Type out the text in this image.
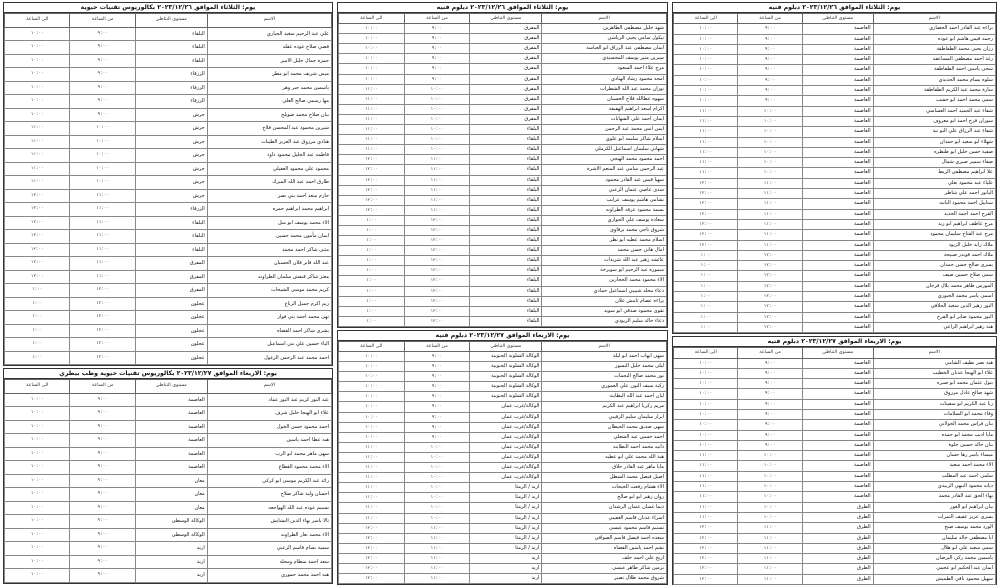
يوم: الثلاثاء الموافق ٢٠٢٣/١٢/٢٦ بكالوريوس تقنيات حيوية
الاسم	مستوى التناظي	من الساعة	الى الساعة
علي عبد الرحيم سعيد الجباري	البلقاء	٩:٠٠	١٠:٠٠
قصي صلاح عوده عقله	البلقاء	٩:٠٠	١٠:٠٠
حمزه جمال خليل الامير	البلقاء	٩:٠٠	١٠:٠٠
ميس شريف محمد ابو مطر	الزرقاء	٩:٠٠	١٠:٠٠
ياسمين محمد جبر وهر	الزرقاء	٩:٠٠	١٠:٠٠
مها رسمي صالح العلي	الزرقاء	٩:٠٠	١٠:٠٠
بيان صلاح محمد صويلح	جرش	٩:٠٠	١٠:٠٠
شيرين محمود عبد المحسن قلاح	جرش	١٠:٠٠	١١:٠٠
هنادي مرزوق عبد العزيز الطيبات	جرش	١٠:٠٠	١١:٠٠
فاطمه عبد الجليل محمود داود	جرش	١٠:٠٠	١١:٠٠
محمود علي محمود العقيلي	جرش	١٠:٠٠	١١:٠٠
طارق احمد عبد الله المبرك	جرش	١٠:٠٠	١١:٠٠
حازم سعد احمد بني نصر	جرش	١١:٠٠	١٢:٠٠
ابراهيم محمد ابراهيم حمزه	الزرقاء	١١:٠٠	١٢:٠٠
الاء محمد يوسف ابو سل	البلقاء	١١:٠٠	١٢:٠٠
ايمان مأمون محمد حسين	البلقاء	١١:٠٠	١٢:٠٠
مثنى شاكر احمد محمد	البلقاء	١١:٠٠	١٢:٠٠
عبد الله فايز قلان الحسبان	المفرق	١١:٠٠	١٢:٠٠
معتز شاكر قيفش سلمان الطراونه	المفرق	١١:٠٠	١٢:٠٠
كريم محمد موسى الشيخات	المفرق	١٢:٠٠	١:٠٠
ريم اكرم جميل الرباع	عجلون	١٢:٠٠	١:٠٠
تهى محمد احمد بني فواز	عجلون	١٢:٠٠	١:٠٠
يشرى شاكر احمد القضاه	عجلون	١٢:٠٠	١:٠٠
الياء حسين علي بني اسماعيل	عجلون	١٢:٠٠	١:٠٠
احمد محمد عبد الرحمن الزغول	عجلون	١٢:٠٠	١:٠٠
يوم: الاربعاء الموافق ٢٠٢٣/١٢/٢٧ بكالوريوس تقنيات حيوية وطب بيطري
الاسم	مستوى التناظي	من الساعة	الى الساعة
عبد النور كريم عبد النور عماد	العاصمة	٩:٠٠	١٠:٠٠
علاء ابو الهيجا خليل شرف	العاصمة	٩:٠٠	١٠:٠٠
احمد محمود حسن الخول	العاصمة	٩:٠٠	١٠:٠٠
هبه عطا احمد ياسين	العاصمة	٩:٠٠	١٠:٠٠
سهى ماهر محمد ابو الرب	العاصمة	٩:٠٠	١٠:٠٠
الاء محمد محمود القطاع	العاصمة	٩:٠٠	١٠:٠٠
رائد عبد الكريم موسى ابو كركي	معان	٩:٠٠	١٠:٠٠
احسان وليد شاكر صلاح	معان	٩:٠٠	١٠:٠٠
تسنيم عوده عبد الله الهواجعه	معان	٩:٠٠	١٠:٠٠
تالا ياسر بهاء الدين البشايش	الوكالة الوسطى	٩:٠٠	١٠:٠٠
الاء محمد بعار الطراونه	الوكالة الوسطى	٩:٠٠	١٠:٠٠
سمية بسام قاسم الزعبي	اربد	٩:٠٠	١٠:٠٠
سعد احمد سطام ومحله	اربد	٩:٠٠	١٠:٠٠
هبه احمد محمد حموري	اربد	٩:٠٠	١٠:٠٠
يوم: الثلاثاء الموافق ٢٠٢٣/١٢/٢٦ دبلوم فنيه
الاسم	مستوى التناظي	من الساعة	الى الساعة
شهد خليل مصطفى الطاهرين	المفرق	٩:٠٠	١٠:٠٠
نيكول سامي يحيى الرياشي	المفرق	٩:٠٠	١٠:٠٠
ايمان مصطفى عبد الرزاق ابو العباسة	المفرق	٩:٠٠	١٠:٠٠
سيرين منير يوسف المحسيدي	المفرق	٩:٠٠	١٠:٠٠
مرح علاء احمد السعود	المفرق	٩:٠٠	١٠:٠٠
امجد محمود رشاد الهنادي	المفرق	٩:٠٠	١٠:٠٠
نوران محمد عبد الله الشطرات	المفرق	١٠:٠٠	١١:٠٠
سهوه عطالله فلاح الحسبان	المفرق	١٠:٠٠	١١:٠٠
اكرام اسعد ابراهيم الهقيقة	المفرق	١٠:٠٠	١١:٠٠
ايمان احمد علي الشهابات	المفرق	١٠:٠٠	١١:٠٠
ايمن انس محمد عبد الرحمن	البلقاء	١٠:٠٠	١١:٠٠
اسلام شاكر سليمه ابو علوي	البلقاء	١٠:٠٠	١١:٠٠
شهاني سليمان اسماعيل الكرملي	البلقاء	١٠:٠٠	١١:٠٠
احمد محمود محمد الهيجي	البلقاء	١١:٠٠	١٢:٠٠
عبد الرحمن سامي عبد المنعم الاشرة	البلقاء	١١:٠٠	١٢:٠٠
سهيا قيس عبد القادر محمود	البلقاء	١١:٠٠	١٢:٠٠
شذى عاصي عثمان الزعبي	البلقاء	١١:٠٠	١٢:٠٠
نشامى هاشم يوسف عرايب	البلقاء	١١:٠٠	١٢:٠٠
بسمة محمود عرفه الطراونه	البلقاء	١١:٠٠	١٢:٠٠
سعاده يوسف علي الحواري	البلقاء	١٢:٠٠	١:٠٠
شروق ناجي محمد برقاوي	البلقاء	١٢:٠٠	١:٠٠
اسلام محمد عطيه ابو نظر	البلقاء	١٢:٠٠	١:٠٠
امال هاني حسن محمد	البلقاء	١٢:٠٠	١:٠٠
عائشه زهير عبد الله شريدات	البلقاء	١٢:٠٠	١:٠٠
سموره عبد الرحيم ابو سويرحة	البلقاء	١٢:٠٠	١:٠٠
الاء محمود محمد الحجازين	البلقاء	١٢:٠٠	١:٠٠
دعاء مخلد شبيبي اسماعيل حمادي	البلقاء	١٢:٠٠	١:٠٠
براءه عصام ثامش علان	البلقاء	١٢:٠٠	١:٠٠
تقوى محمود صدقي ابو سويد	البلقاء	١٢:٠٠	١:٠٠
دعاء خالد سليم الزيودي	البلقاء	١٢:٠٠	١:٠٠
يوم: الاربعاء الموافق ٢٠٢٣/١٢/٢٧ دبلوم فنيه
الاسم	مستوى التناظي	من الساعة	الى الساعة
سهى ايهاب احمد ابو ليلة	الوكالة الشلونة الجنوبية	٩:٠٠	١٠:٠٠
ليلى محمد خليل النسور	الوكالة الشلونة الجنوبية	٩:٠٠	١٠:٠٠
نور محمد صالح النجمات	الوكالة الشلونة الجنوبية	٩:٠٠	١٠:٠٠
زكية سيف النون علي العموري	الوكالة الشلونة الجنوبية	٩:٠٠	١٠:٠٠
ليان احمد عبد الله البطاينه	الوكالة الشلونة الجنوبية	٩:٠٠	١٠:٠٠
مريم زكريا ابراهيم عبد الكريم	الوكالة/غرب عمان	٩:٠٠	١٠:٠٠
ابرار سليمان سليم الرقيبي	الوكالة/غرب عمان	٩:٠٠	١٠:٠٠
سهى صديق محمد الجيطان	الوكالة/غرب عمان	٩:٠٠	١٠:٠٠
احمد حسين عبد الشعلي	الوكالة/غرب عمان	٩:٠٠	١٠:٠٠
دانيه محمد احمد البطاينه	الوكالة/غرب عمان	١٠:٠٠	١١:٠٠
هبة الله محمد علي ابو عطيه	الوكالة/غرب عمان	١٠:٠٠	١١:٠٠
مايا ماهر عبد القادر حلاق	الوكالة/غرب عمان	١٠:٠٠	١١:٠٠
اصيل فيصل محمد السطل	الوكالة/غرب عمان	١٠:٠٠	١١:٠٠
الاء هشام رفعت الحيحات	اربد / الرمثا	١٠:٠٠	١١:٠٠
روان زهير ابو ابو صالح	اربد / الرمثا	١٠:٠٠	١١:٠٠
ديما غسان عثمان الرشدان	اربد / الرمثا	١٠:٠٠	١١:٠٠
اسراء عدنان قاسم العقيبي	اربد / الرمثا	١٠:٠٠	١١:٠٠
تسنيم قاسم محمود عيسى	اربد / الرمثا	١١:٠٠	١٢:٠٠
سعده احمد فيصل قاسم الصوافي	اربد / الرمثا	١١:٠٠	١٢:٠٠
نشم احمد ياسين القضاه	اربد / الرمثا	١١:٠٠	١٢:٠٠
اريج علي احمد خلف	اربد	١١:٠٠	١٢:٠٠
نرمين شاكر طاهر عيسى	اربد	١١:٠٠	١٢:٠٠
شروق محمد طلال نصير	اربد	١١:٠٠	١٢:٠٠
يوم: الثلاثاء الموافق ٢٠٢٣/١٢/٢٦ دبلوم فنيه
الاسم	مستوى التناظي	من الساعة	الى الساعة
براءه عبد القادر احمد الحضاري	العاصمة	٩:٠٠	١٠:٠٠
رحمه قيس هاشم ابو عوده	العاصمة	٩:٠٠	١٠:٠٠
رزان يحيى محمد الطقاطقة	العاصمة	٩:٠٠	١٠:٠٠
رغد احمد مصطفى المساعفه	العاصمة	٩:٠٠	١٠:٠٠
سجى ياسين احمد الطقاطقة	العاصمة	٩:٠٠	١٠:٠٠
سلوه بسام محمد الحديدي	العاصمة	٩:٠٠	١٠:٠٠
سارة محمد عبد الكريم الطقاطقة	العاصمة	٩:٠٠	١٠:٠٠
سمى محمد احمد ابو خشب	العاصمة	٩:٠٠	١٠:٠٠
شفاء عبد الحميد احمد العساسي	العاصمة	١٠:٠٠	١١:٠٠
سوزان فرح احمد ابو معروف	العاصمة	١٠:٠٠	١١:٠٠
شفاء عبد الرزاق علي البو نية	العاصمة	١٠:٠٠	١١:٠٠
شهلاء ابو سعيد ابو حمدان	العاصمة	١٠:٠٠	١١:٠٠
صفية حسن خليل ابو طنطره	العاصمة	١٠:٠٠	١١:٠٠
صفاء سمير صبري شمال	العاصمة	١٠:٠٠	١١:٠٠
علا ابراهيم مصطفى الربط	العاصمة	١٠:٠٠	١١:٠٠
علياء عبد محمود بعلي	العاصمة	١١:٠٠	١٢:٠٠
اليانور احمد علي شاطر	العاصمة	١١:٠٠	١٢:٠٠
سناييل احمد محمود البانيه	العاصمة	١١:٠٠	١٢:٠٠
الفرح احمد احمد الحديد	العاصمة	١١:٠٠	١٢:٠٠
مرح عاطف ابراهيم ابو زيد	العاصمة	١١:٠٠	١٢:٠٠
مرح عبد الفتاح سليمان محمود	العاصمة	١١:٠٠	١٢:٠٠
ملاك زايد خليل الزيود	العاصمة	١١:٠٠	١٢:٠٠
ملاك احمد قويدر صبيحة	العاصمة	١٢:٠٠	١:٠٠
يسرى صالح حسن حمدان	العاصمة	١٢:٠٠	١:٠٠
سمى صلاح حسين ضيف	العاصمة	١٢:٠٠	١:٠٠
المورس ظاهر محمد بلال فرحان	العاصمة	١٢:٠٠	١:٠٠
اسمى ياسر محمد الجبوري	العاصمة	١٢:٠٠	١:٠٠
النور زهير الدين سعيد الحلاقي	العاصمة	١٢:٠٠	١:٠٠
النور محمود صابر ابو الفرح	العاصمة	١٢:٠٠	١:٠٠
هبة زهير ابراهيم الراعي	العاصمة	١٢:٠٠	١:٠٠
يوم: الاربعاء الموافق ٢٠٢٣/١٢/٢٧ دبلوم فنيه
الاسم	مستوى التناظي	من الساعة	الى الساعة
هبة نصر نظيف الشامي	العاصمة	٩:٠٠	١٠:٠٠
علاء ابو الهيجا عدنان الخطيب	العاصمة	٩:٠٠	١٠:٠٠
بتول عثمان محمد ابو صبره	العاصمة	٩:٠٠	١٠:٠٠
شهد صالح عادل مرزوق	العاصمة	٩:٠٠	١٠:٠٠
رنا عبد الكريم ابو سفينات	العاصمة	٩:٠٠	١٠:٠٠
وفاء محمد ابو السلامات	العاصمة	٩:٠٠	١٠:٠٠
بنان فراس محمد الجولاني	العاصمة	٩:٠٠	١٠:٠٠
مايا اديب محمد ابو حمده	العاصمة	٩:٠٠	١٠:٠٠
بنان خالد حسين حلوة	العاصمة	٩:٠٠	١٠:٠٠
ميساء ياسر رها حسان	العاصمة	١٠:٠٠	١١:٠٠
الاء محمد احمد سعيد	العاصمة	١٠:٠٠	١١:٠٠
سلمى احمد عبد المطلب	العاصمة	١٠:٠٠	١١:٠٠
ديانه محمود النبهي الزبيدي	العاصمة	١٠:٠٠	١١:٠٠
بهاء الحق عبد القادر محمد	العاصمة	١٠:٠٠	١١:٠٠
بيان ابراهيم ابو الغور	الطرق	١٠:٠٠	١١:٠٠
يسرى عزيز عفيف النمرات	الطرق	١٠:٠٠	١١:٠٠
الورد محمد يوسف صبح	الطرق	١١:٠٠	١٢:٠٠
ابا مصطفى خالد سليمان	الطرق	١١:٠٠	١٢:٠٠
سمى سعيد علي ابو هلال	الطرق	١١:٠٠	١٢:٠٠
ياسمين محمد زكي البرصان	الطرق	١١:٠٠	١٢:٠٠
ايمان عبد الحكيم ابو عجمي	الطرق	١١:٠٠	١٢:٠٠
سهيل محمود باقي الطميش	الطرق	١١:٠٠	١٢:٠٠
